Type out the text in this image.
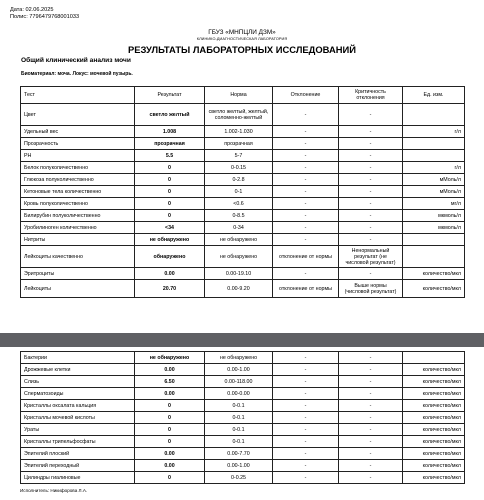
Дата: 02.06.2025
Полис: 7796479768001033
ГБУЗ «МНПЦЛИ ДЗМ»
КЛИНИКО-ДИАГНОСТИЧЕСКАЯ ЛАБОРАТОРИЯ
РЕЗУЛЬТАТЫ ЛАБОРАТОРНЫХ ИССЛЕДОВАНИЙ
Общий клинический анализ мочи
Биоматериал: моча. Локус: мочевой пузырь.
Тест	Результат	Норма	Отклонение	Критичность отклонения	Ед. изм.
Цвет	светло желтый	светло желтый, желтый, соломенно-желтый	-	-	
Удельный вес	1.008	1.002-1.030	-	-	г/л
Прозрачность	прозрачная	прозрачная	-	-	
PH	5.5	5-7	-	-	
Белок полуколичественно	0	0-0.15	-	-	г/л
Глюкоза полуколичественно	0	0-2.8	-	-	мМоль/л
Кетоновые тела количественно	0	0-1	-	-	мМоль/л
Кровь полуколичественно	0	<0.6	-	-	мг/л
Билирубин полуколичественно	0	0-8.5	-	-	мкмоль/л
Уробилиноген количественно	<34	0-34	-	-	мкмоль/л
Нитриты	не обнаружено	не обнаружено	-	-	
Лейкоциты качественно	обнаружено	не обнаружено	отклонение от нормы	Ненормальный результат (не числовой результат)	
Эритроциты	0.00	0.00-19.10	-	-	количество/мкл
Лейкоциты	20.70	0.00-9.20	отклонение от нормы	Выше нормы (числовой результат)	количество/мкл
Бактерии	не обнаружено	не обнаружено	-	-	
Дрожжевые клетки	0.00	0.00-1.00	-	-	количество/мкл
Слизь	6.50	0.00-118.00	-	-	количество/мкл
Сперматозоиды	0.00	0.00-0.00	-	-	количество/мкл
Кристаллы оксалата кальция	0	0-0.1	-	-	количество/мкл
Кристаллы мочевой кислоты	0	0-0.1	-	-	количество/мкл
Ураты	0	0-0.1	-	-	количество/мкл
Кристаллы трипельфосфаты	0	0-0.1	-	-	количество/мкл
Эпителий плоский	0.00	0.00-7.70	-	-	количество/мкл
Эпителий переходный	0.00	0.00-1.00	-	-	количество/мкл
Цилиндры гиалиновые	0	0-0.25	-	-	количество/мкл
Исполнитель: Никифорова Л.А.
